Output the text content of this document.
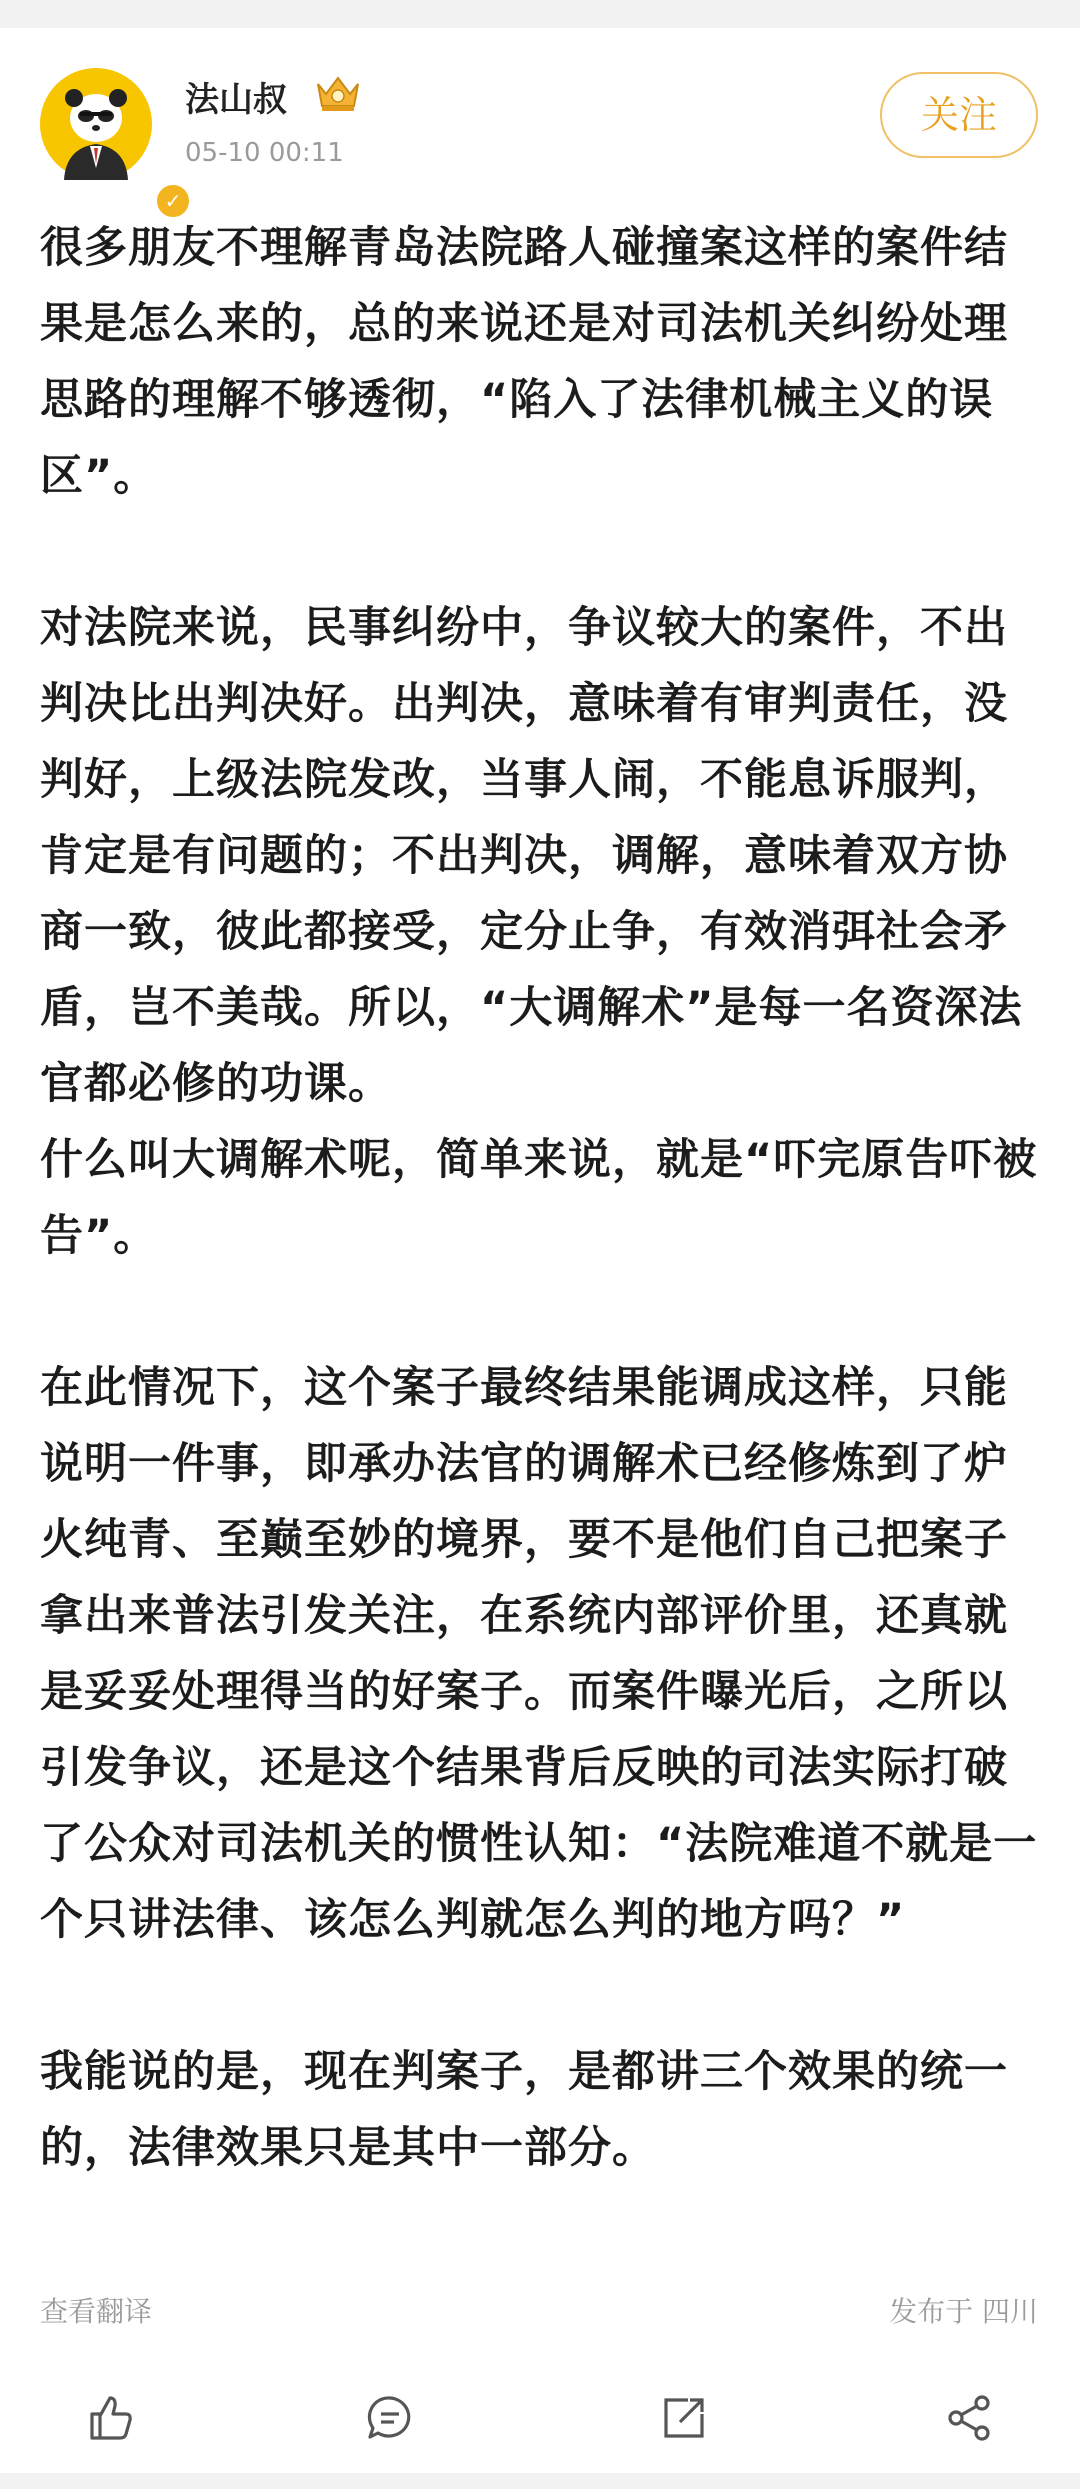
✓
法山叔
05-10 00:11
关注

很多朋友不理解青岛法院路人碰撞案这样的案件结果是怎么来的，总的来说还是对司法机关纠纷处理思路的理解不够透彻，“陷入了法律机械主义的误区”。

对法院来说，民事纠纷中，争议较大的案件，不出判决比出判决好。出判决，意味着有审判责任，没判好，上级法院发改，当事人闹，不能息诉服判，肯定是有问题的；不出判决，调解，意味着双方协商一致，彼此都接受，定分止争，有效消弭社会矛盾，岂不美哉。所以，“大调解术”是每一名资深法官都必修的功课。

什么叫大调解术呢，简单来说，就是“吓完原告吓被告”。

在此情况下，这个案子最终结果能调成这样，只能说明一件事，即承办法官的调解术已经修炼到了炉火纯青、至巅至妙的境界，要不是他们自己把案子拿出来普法引发关注，在系统内部评价里，还真就是妥妥处理得当的好案子。而案件曝光后，之所以引发争议，还是这个结果背后反映的司法实际打破了公众对司法机关的惯性认知：“法院难道不就是一个只讲法律、该怎么判就怎么判的地方吗？”

我能说的是，现在判案子，是都讲三个效果的统一的，法律效果只是其中一部分。

查看翻译	发布于 四川
